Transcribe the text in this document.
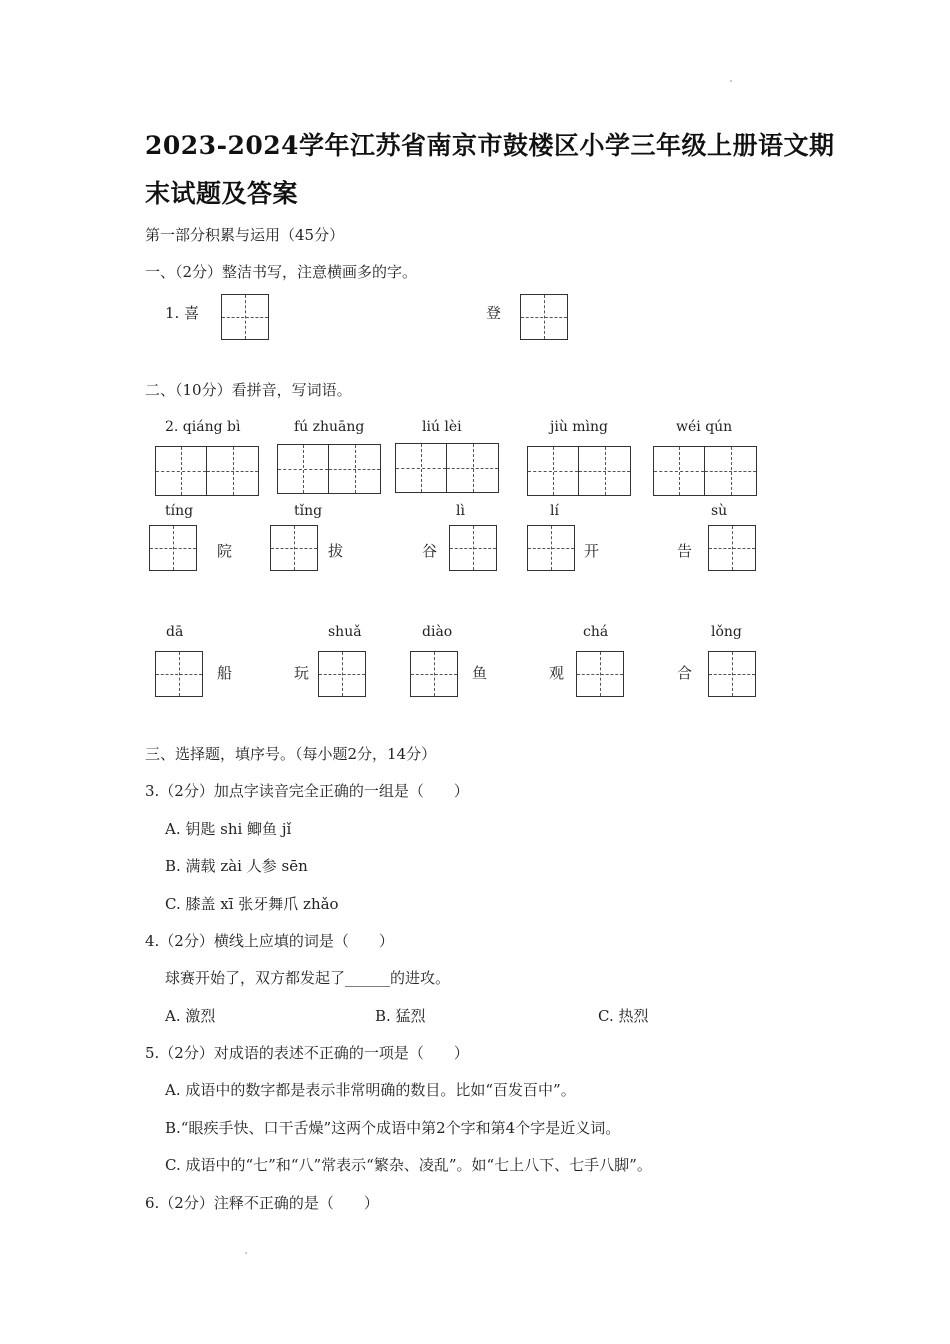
2023-2024学年江苏省南京市鼓楼区小学三年级上册语文期
末试题及答案
第一部分积累与运用（45分）
一、（2分）整洁书写，注意横画多的字。
1. 喜	登
二、（10分）看拼音，写词语。
2. qiáng bì	fú zhuāng	liú lèi	jiù mìng	wéi qún
tíng
院
tǐng
拔
lì
谷
lí
开
sù
告
dā
船
shuǎ
玩
diào
鱼
chá
观
lǒng
合
三、选择题，填序号。（每小题2分，14分）
3.（2分）加点字读音完全正确的一组是（　　）
A. 钥匙 shi 鲫鱼 jǐ
B. 满载 zài 人参 sēn
C. 膝盖 xī 张牙舞爪 zhǎo
4.（2分）横线上应填的词是（　　）
球赛开始了，双方都发起了______的进攻。
A. 激烈	B. 猛烈	C. 热烈
5.（2分）对成语的表述不正确的一项是（　　）
A. 成语中的数字都是表示非常明确的数目。比如“百发百中”。
B.“眼疾手快、口干舌燥”这两个成语中第2个字和第4个字是近义词。
C. 成语中的“七”和“八”常表示“繁杂、凌乱”。如“七上八下、七手八脚”。
6.（2分）注释不正确的是（　　）
